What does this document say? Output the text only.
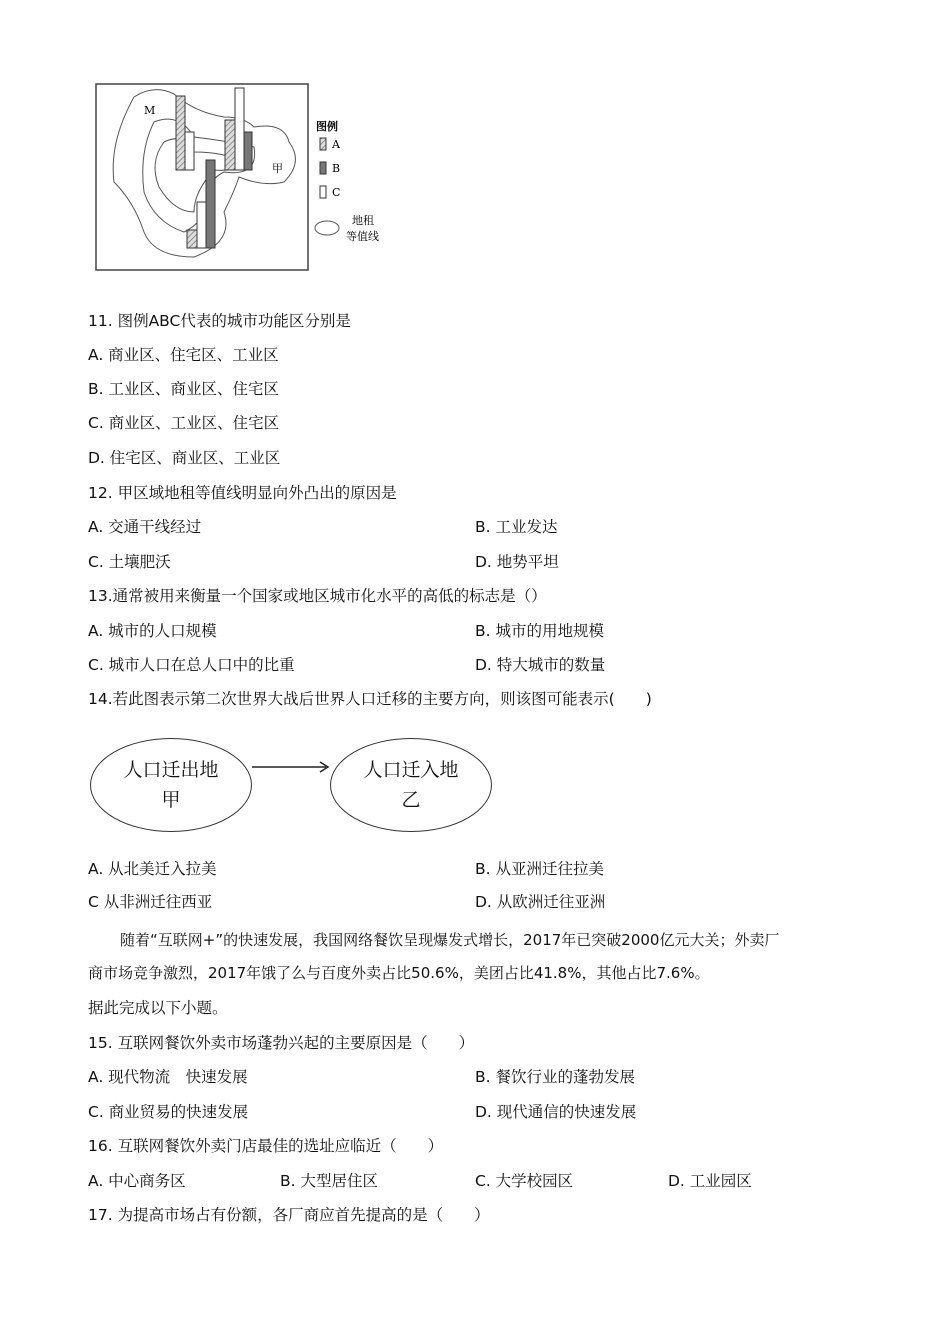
M
甲
图例
A
B
C
地租
等值线
11. 图例ABC代表的城市功能区分别是
A. 商业区、住宅区、工业区
B. 工业区、商业区、住宅区
C. 商业区、工业区、住宅区
D. 住宅区、商业区、工业区
12. 甲区域地租等值线明显向外凸出的原因是
A. 交通干线经过	B. 工业发达
C. 土壤肥沃	D. 地势平坦
13.通常被用来衡量一个国家或地区城市化水平的高低的标志是（）
A. 城市的人口规模	B. 城市的用地规模
C. 城市人口在总人口中的比重	D. 特大城市的数量
14.若此图表示第二次世界大战后世界人口迁移的主要方向，则该图可能表示(　　)
人口迁出地
甲
人口迁入地
乙
A. 从北美迁入拉美	B. 从亚洲迁往拉美
C 从非洲迁往西亚	D. 从欧洲迁往亚洲
随着“互联网+”的快速发展，我国网络餐饮呈现爆发式增长，2017年已突破2000亿元大关；外卖厂
商市场竞争激烈，2017年饿了么与百度外卖占比50.6%，美团占比41.8%，其他占比7.6%。
据此完成以下小题。
15. 互联网餐饮外卖市场蓬勃兴起的主要原因是（　　）
A. 现代物流　快速发展	B. 餐饮行业的蓬勃发展
C. 商业贸易的快速发展	D. 现代通信的快速发展
16. 互联网餐饮外卖门店最佳的选址应临近（　　）
A. 中心商务区	B. 大型居住区	C. 大学校园区	D. 工业园区
17. 为提高市场占有份额，各厂商应首先提高的是（　　）
